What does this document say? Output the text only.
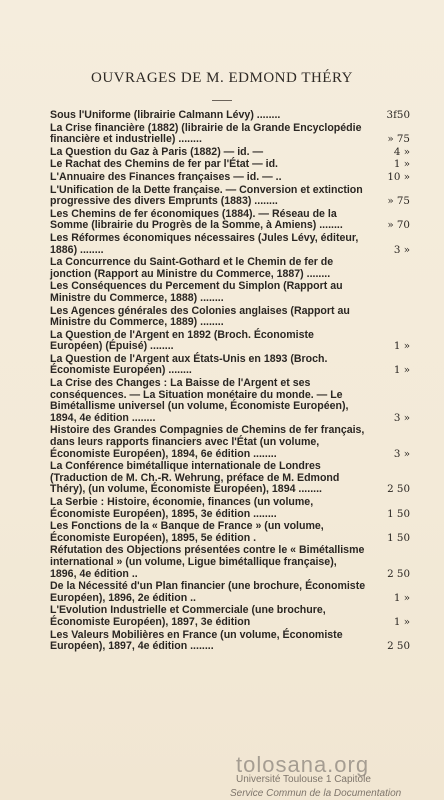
OUVRAGES DE M. EDMOND THÉRY
Sous l'Uniforme (librairie Calmann Lévy) ........	3f50
La Crise financière (1882) (librairie de la Grande Encyclopédie financière et industrielle) ........	» 75
La Question du Gaz à Paris (1882) — id. —	4 »
Le Rachat des Chemins de fer par l'État — id.	1 »
L'Annuaire des Finances françaises — id. — ..	10 »
L'Unification de la Dette française. — Conversion et extinction progressive des divers Emprunts (1883) ........	» 75
Les Chemins de fer économiques (1884). — Réseau de la Somme (librairie du Progrès de la Somme, à Amiens) ........	» 70
Les Réformes économiques nécessaires (Jules Lévy, éditeur, 1886) ........	3 »
La Concurrence du Saint-Gothard et le Chemin de fer de jonction (Rapport au Ministre du Commerce, 1887) ........
Les Conséquences du Percement du Simplon (Rapport au Ministre du Commerce, 1888) ........
Les Agences générales des Colonies anglaises (Rapport au Ministre du Commerce, 1889) ........
La Question de l'Argent en 1892 (Broch. Économiste Européen) (Épuisé) ........	1 »
La Question de l'Argent aux États-Unis en 1893 (Broch. Économiste Européen) ........	1 »
La Crise des Changes : La Baisse de l'Argent et ses conséquences. — La Situation monétaire du monde. — Le Bimétallisme universel (un volume, Économiste Européen), 1894, 4e édition ........	3 »
Histoire des Grandes Compagnies de Chemins de fer français, dans leurs rapports financiers avec l'État (un volume, Économiste Européen), 1894, 6e édition ........	3 »
La Conférence bimétallique internationale de Londres (Traduction de M. Ch.-R. Wehrung, préface de M. Edmond Théry), (un volume, Économiste Européen), 1894 ........	2 50
La Serbie : Histoire, économie, finances (un volume, Économiste Européen), 1895, 3e édition ........	1 50
Les Fonctions de la « Banque de France » (un volume, Économiste Européen), 1895, 5e édition .	1 50
Réfutation des Objections présentées contre le « Bimétallisme international » (un volume, Ligue bimétallique française), 1896, 4e édition ..	2 50
De la Nécessité d'un Plan financier (une brochure, Économiste Européen), 1896, 2e édition ..	1 »
L'Evolution Industrielle et Commerciale (une brochure, Économiste Européen), 1897, 3e édition	1 »
Les Valeurs Mobilières en France (un volume, Économiste Européen), 1897, 4e édition ........	2 50
tolosana.org
Université Toulouse 1 Capitole
Service Commun de la Documentation
